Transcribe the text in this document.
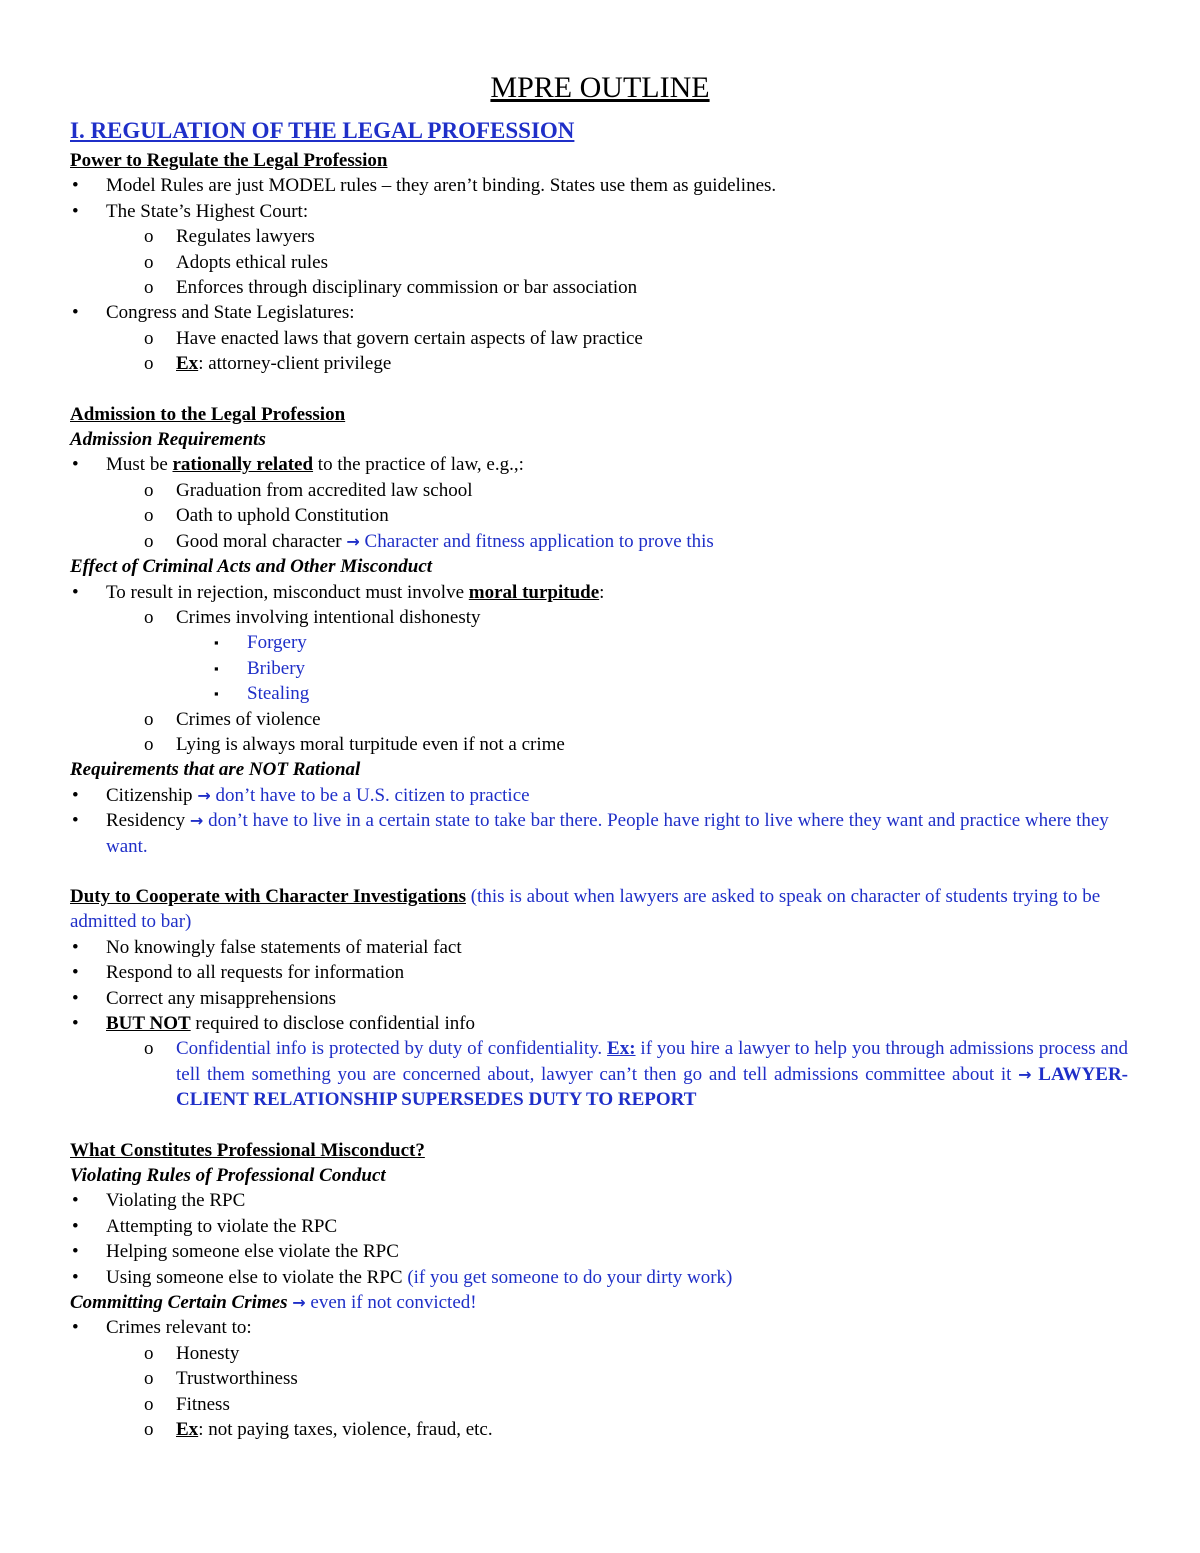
MPRE OUTLINE
I. REGULATION OF THE LEGAL PROFESSION
Power to Regulate the Legal Profession
• Model Rules are just MODEL rules – they aren’t binding. States use them as guidelines.
• The State’s Highest Court:
o Regulates lawyers
o Adopts ethical rules
o Enforces through disciplinary commission or bar association
• Congress and State Legislatures:
o Have enacted laws that govern certain aspects of law practice
o Ex: attorney-client privilege
Admission to the Legal Profession
Admission Requirements
• Must be rationally related to the practice of law, e.g.,:
o Graduation from accredited law school
o Oath to uphold Constitution
o Good moral character → Character and fitness application to prove this
Effect of Criminal Acts and Other Misconduct
• To result in rejection, misconduct must involve moral turpitude:
o Crimes involving intentional dishonesty
▪ Forgery
▪ Bribery
▪ Stealing
o Crimes of violence
o Lying is always moral turpitude even if not a crime
Requirements that are NOT Rational
• Citizenship → don’t have to be a U.S. citizen to practice
• Residency → don’t have to live in a certain state to take bar there. People have right to live where they want and practice where they want.
Duty to Cooperate with Character Investigations (this is about when lawyers are asked to speak on character of students trying to be admitted to bar)
• No knowingly false statements of material fact
• Respond to all requests for information
• Correct any misapprehensions
• BUT NOT required to disclose confidential info
o Confidential info is protected by duty of confidentiality. Ex: if you hire a lawyer to help you through admissions process and tell them something you are concerned about, lawyer can’t then go and tell admissions committee about it → LAWYER-CLIENT RELATIONSHIP SUPERSEDES DUTY TO REPORT
What Constitutes Professional Misconduct?
Violating Rules of Professional Conduct
• Violating the RPC
• Attempting to violate the RPC
• Helping someone else violate the RPC
• Using someone else to violate the RPC (if you get someone to do your dirty work)
Committing Certain Crimes → even if not convicted!
• Crimes relevant to:
o Honesty
o Trustworthiness
o Fitness
o Ex: not paying taxes, violence, fraud, etc.
